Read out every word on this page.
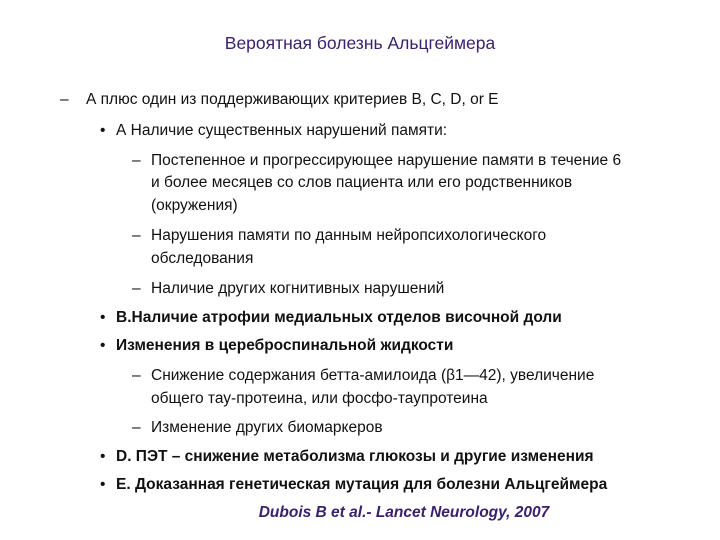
Вероятная болезнь Альцгеймера
– А плюс один из поддерживающих критериев B, C, D, or E
• А Наличие существенных нарушений памяти:
– Постепенное и прогрессирующее нарушение памяти в течение 6
и более месяцев со слов пациента или его родственников
(окружения)
– Нарушения памяти по данным нейропсихологического
обследования
– Наличие других когнитивных нарушений
• B.Наличие атрофии медиальных отделов височной доли
• Изменения в цереброспинальной жидкости
– Снижение содержания бетта-амилоида (β1—42), увеличение
общего тау-протеина, или фосфо-таупротеина
– Изменение других биомаркеров
• D. ПЭТ – снижение метаболизма глюкозы и другие изменения
• E. Доказанная генетическая мутация для болезни Альцгеймера
Dubois B et al.- Lancet Neurology, 2007
